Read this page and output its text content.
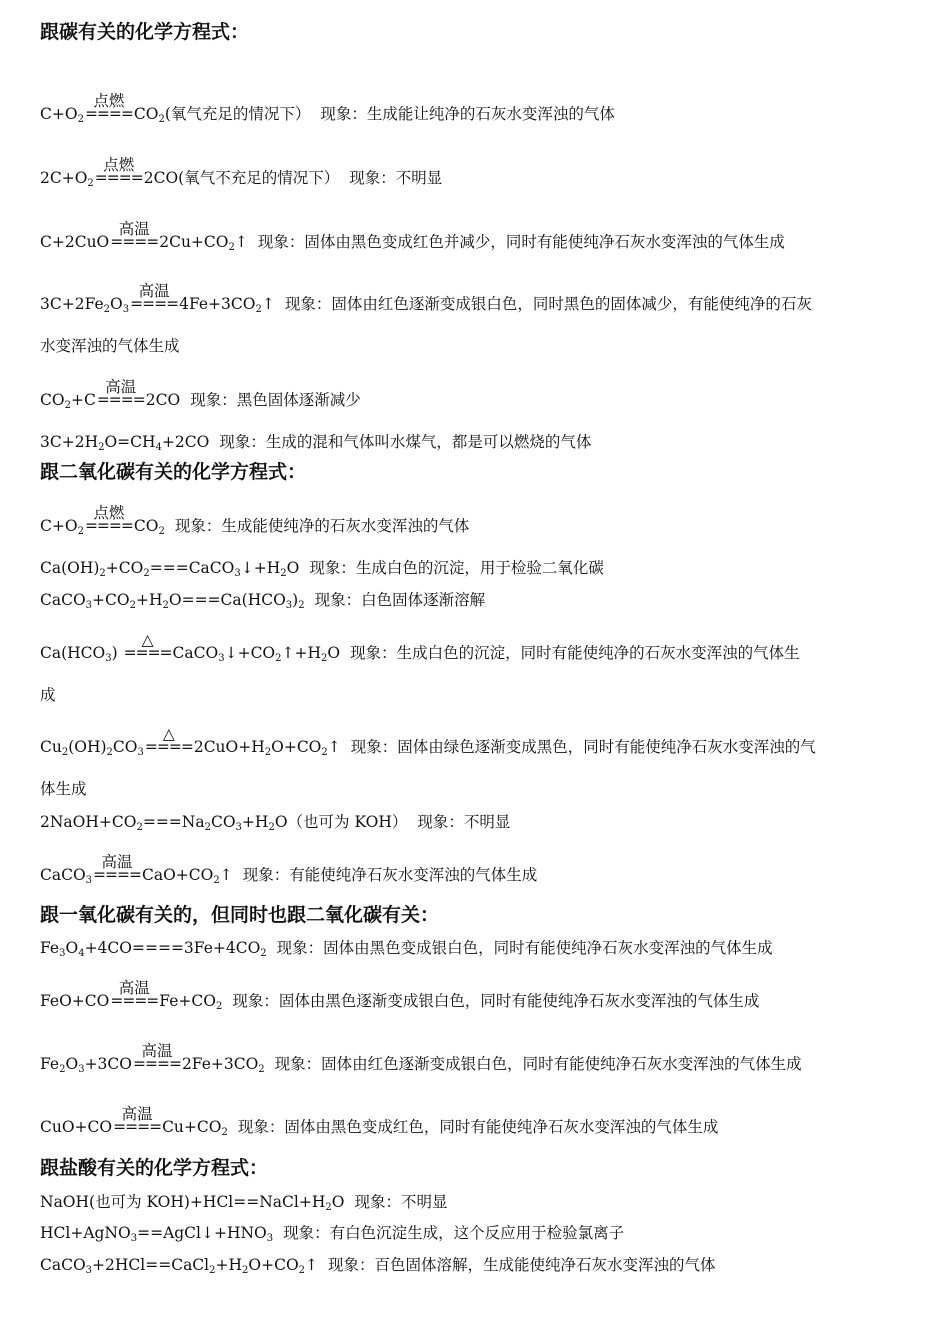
跟碳有关的化学方程式：
$C+O_2====$
点燃
$CO_2$(氧气充足的情况下） 现象：生成能让纯净的石灰水变浑浊的气体
$2C+O_2====$
点燃
2CO(氧气不充足的情况下） 现象：不明显
C+2CuO====
高温
$2Cu+CO_2↑$ 现象：固体由黑色变成红色并减少，同时有能使纯净石灰水变浑浊的气体生成
$3C+2Fe_2O_3====$
高温
$4Fe+3CO_2↑$ 现象：固体由红色逐渐变成银白色，同时黑色的固体减少，有能使纯净的石灰
水变浑浊的气体生成
$CO_2+C====$
高温
2CO 现象：黑色固体逐渐减少
$3C+2H_2O=CH_4+2CO$ 现象：生成的混和气体叫水煤气，都是可以燃烧的气体
跟二氧化碳有关的化学方程式：
$C+O_2====$
点燃
$CO_2$ 现象：生成能使纯净的石灰水变浑浊的气体
$Ca(OH)_2+CO_2===CaCO_3↓+H_2O$ 现象：生成白色的沉淀，用于检验二氧化碳
$CaCO_3+CO_2+H_2O===Ca(HCO_3)_2$ 现象：白色固体逐渐溶解
$Ca(HCO_3)$ ====
△
$CaCO_3↓+CO_2↑+H_2O$ 现象：生成白色的沉淀，同时有能使纯净的石灰水变浑浊的气体生
成
$Cu_2(OH)_2CO_3====$
△
$2CuO+H_2O+CO_2↑$ 现象：固体由绿色逐渐变成黑色，同时有能使纯净石灰水变浑浊的气
体生成
$2NaOH+CO_2===Na_2CO_3+H_2O$（也可为 KOH） 现象：不明显
CaCO$_3$====
高温
$CaO+CO_2↑$ 现象：有能使纯净石灰水变浑浊的气体生成
跟一氧化碳有关的，但同时也跟二氧化碳有关：
$Fe_3O_4+4CO====3Fe+4CO_2$ 现象：固体由黑色变成银白色，同时有能使纯净石灰水变浑浊的气体生成
FeO+CO====
高温
$Fe+CO_2$ 现象：固体由黑色逐渐变成银白色，同时有能使纯净石灰水变浑浊的气体生成
$Fe_2O_3+3CO====$
高温
$2Fe+3CO_2$ 现象：固体由红色逐渐变成银白色，同时有能使纯净石灰水变浑浊的气体生成
CuO+CO====
高温
$Cu+CO_2$ 现象：固体由黑色变成红色，同时有能使纯净石灰水变浑浊的气体生成
跟盐酸有关的化学方程式：
NaOH(也可为 $KOH)+HCl==NaCl+H_2O$ 现象：不明显
$HCl+AgNO_3==AgCl↓+HNO_3$ 现象：有白色沉淀生成，这个反应用于检验氯离子
$CaCO_3+2HCl==CaCl_2+H_2O+CO_2↑$ 现象：百色固体溶解，生成能使纯净石灰水变浑浊的气体
